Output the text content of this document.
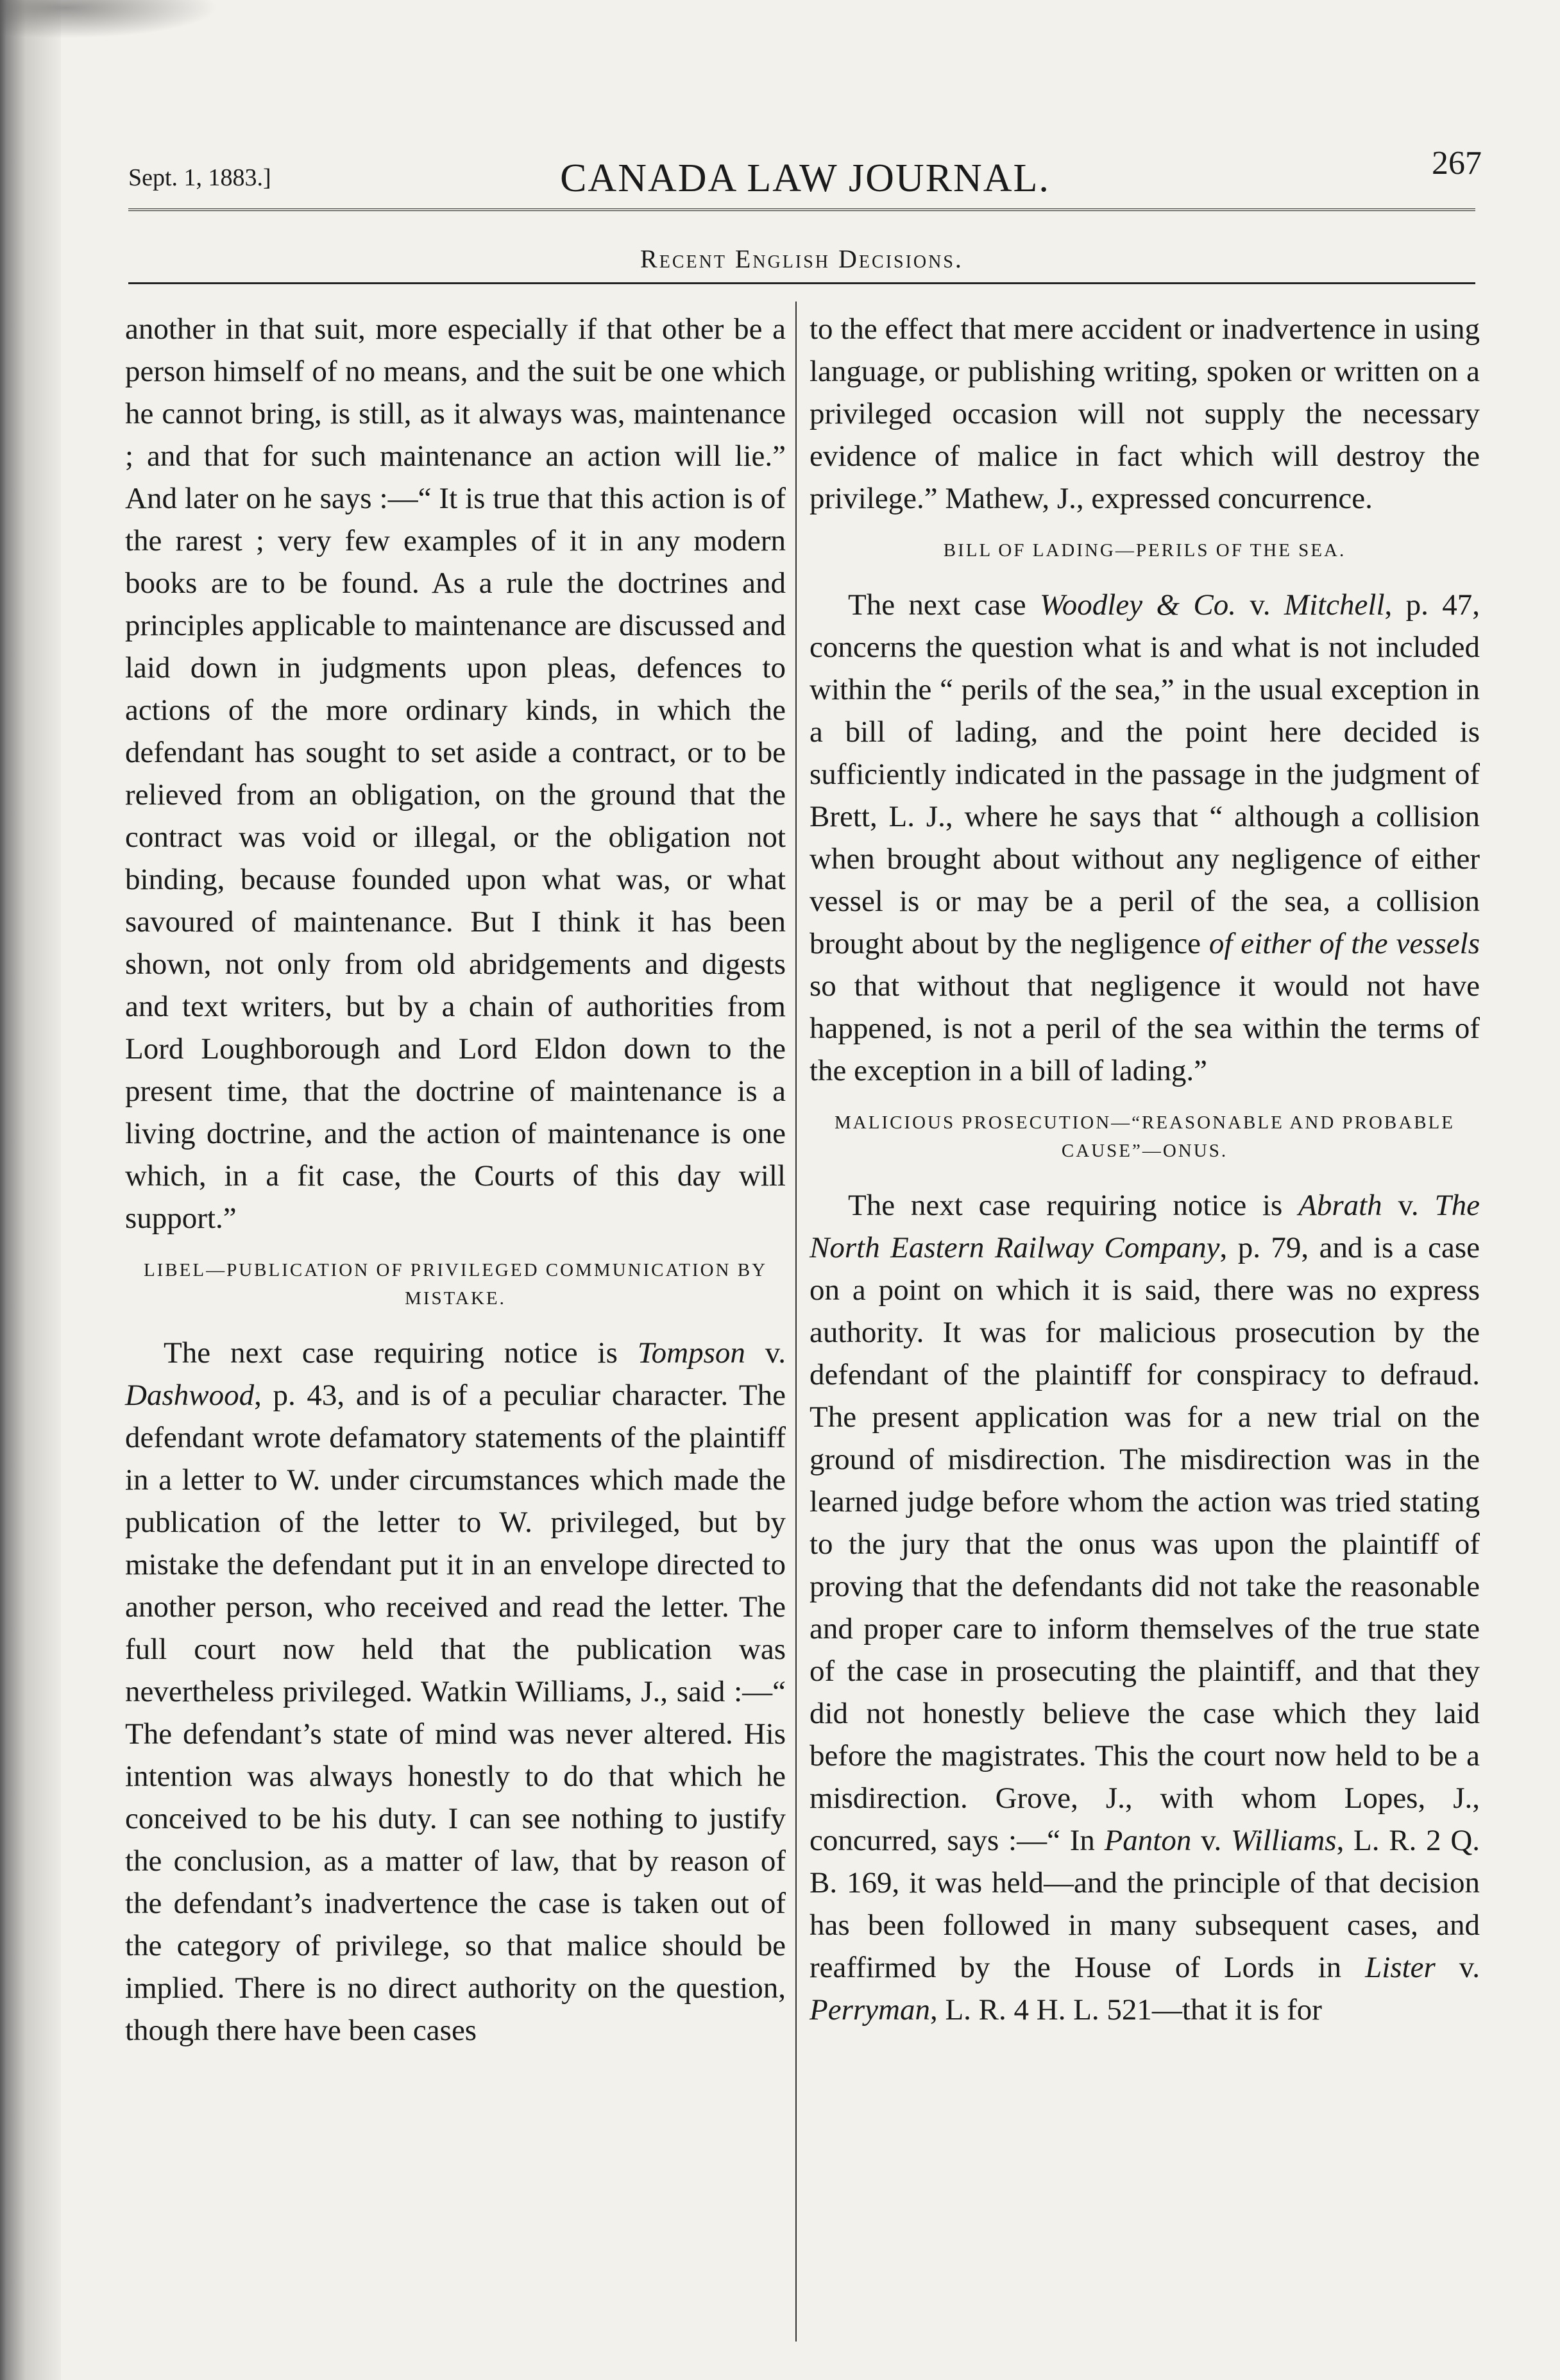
Sept. 1, 1883.]	CANADA LAW JOURNAL.	267
Recent English Decisions.

another in that suit, more especially if that other be a person himself of no means, and the suit be one which he cannot bring, is still, as it always was, maintenance ; and that for such maintenance an action will lie.” And later on he says :—“ It is true that this action is of the rarest ; very few examples of it in any modern books are to be found. As a rule the doctrines and principles applicable to maintenance are discussed and laid down in judgments upon pleas, defences to actions of the more ordinary kinds, in which the defendant has sought to set aside a contract, or to be relieved from an obligation, on the ground that the contract was void or illegal, or the obligation not binding, because founded upon what was, or what savoured of maintenance. But I think it has been shown, not only from old abridgements and digests and text writers, but by a chain of authorities from Lord Loughborough and Lord Eldon down to the present time, that the doctrine of maintenance is a living doctrine, and the action of maintenance is one which, in a fit case, the Courts of this day will support.”

LIBEL—PUBLICATION OF PRIVILEGED COMMUNICATION BY MISTAKE.

The next case requiring notice is Tompson v. Dashwood, p. 43, and is of a peculiar character. The defendant wrote defamatory statements of the plaintiff in a letter to W. under circumstances which made the publication of the letter to W. privileged, but by mistake the defendant put it in an envelope directed to another person, who received and read the letter. The full court now held that the publication was nevertheless privileged. Watkin Williams, J., said :—“ The defendant’s state of mind was never altered. His intention was always honestly to do that which he conceived to be his duty. I can see nothing to justify the conclusion, as a matter of law, that by reason of the defendant’s inadvertence the case is taken out of the category of privilege, so that malice should be implied. There is no direct authority on the question, though there have been cases

to the effect that mere accident or inadvertence in using language, or publishing writing, spoken or written on a privileged occasion will not supply the necessary evidence of malice in fact which will destroy the privilege.” Mathew, J., expressed concurrence.

BILL OF LADING—PERILS OF THE SEA.

The next case Woodley & Co. v. Mitchell, p. 47, concerns the question what is and what is not included within the “ perils of the sea,” in the usual exception in a bill of lading, and the point here decided is sufficiently indicated in the passage in the judgment of Brett, L. J., where he says that “ although a collision when brought about without any negligence of either vessel is or may be a peril of the sea, a collision brought about by the negligence of either of the vessels so that without that negligence it would not have happened, is not a peril of the sea within the terms of the exception in a bill of lading.”

MALICIOUS PROSECUTION—“REASONABLE AND PROBABLE CAUSE”—ONUS.

The next case requiring notice is Abrath v. The North Eastern Railway Company, p. 79, and is a case on a point on which it is said, there was no express authority. It was for malicious prosecution by the defendant of the plaintiff for conspiracy to defraud. The present application was for a new trial on the ground of misdirection. The misdirection was in the learned judge before whom the action was tried stating to the jury that the onus was upon the plaintiff of proving that the defendants did not take the reasonable and proper care to inform themselves of the true state of the case in prosecuting the plaintiff, and that they did not honestly believe the case which they laid before the magistrates. This the court now held to be a misdirection. Grove, J., with whom Lopes, J., concurred, says :—“ In Panton v. Williams, L. R. 2 Q. B. 169, it was held—and the principle of that decision has been followed in many subsequent cases, and reaffirmed by the House of Lords in Lister v. Perryman, L. R. 4 H. L. 521—that it is for
